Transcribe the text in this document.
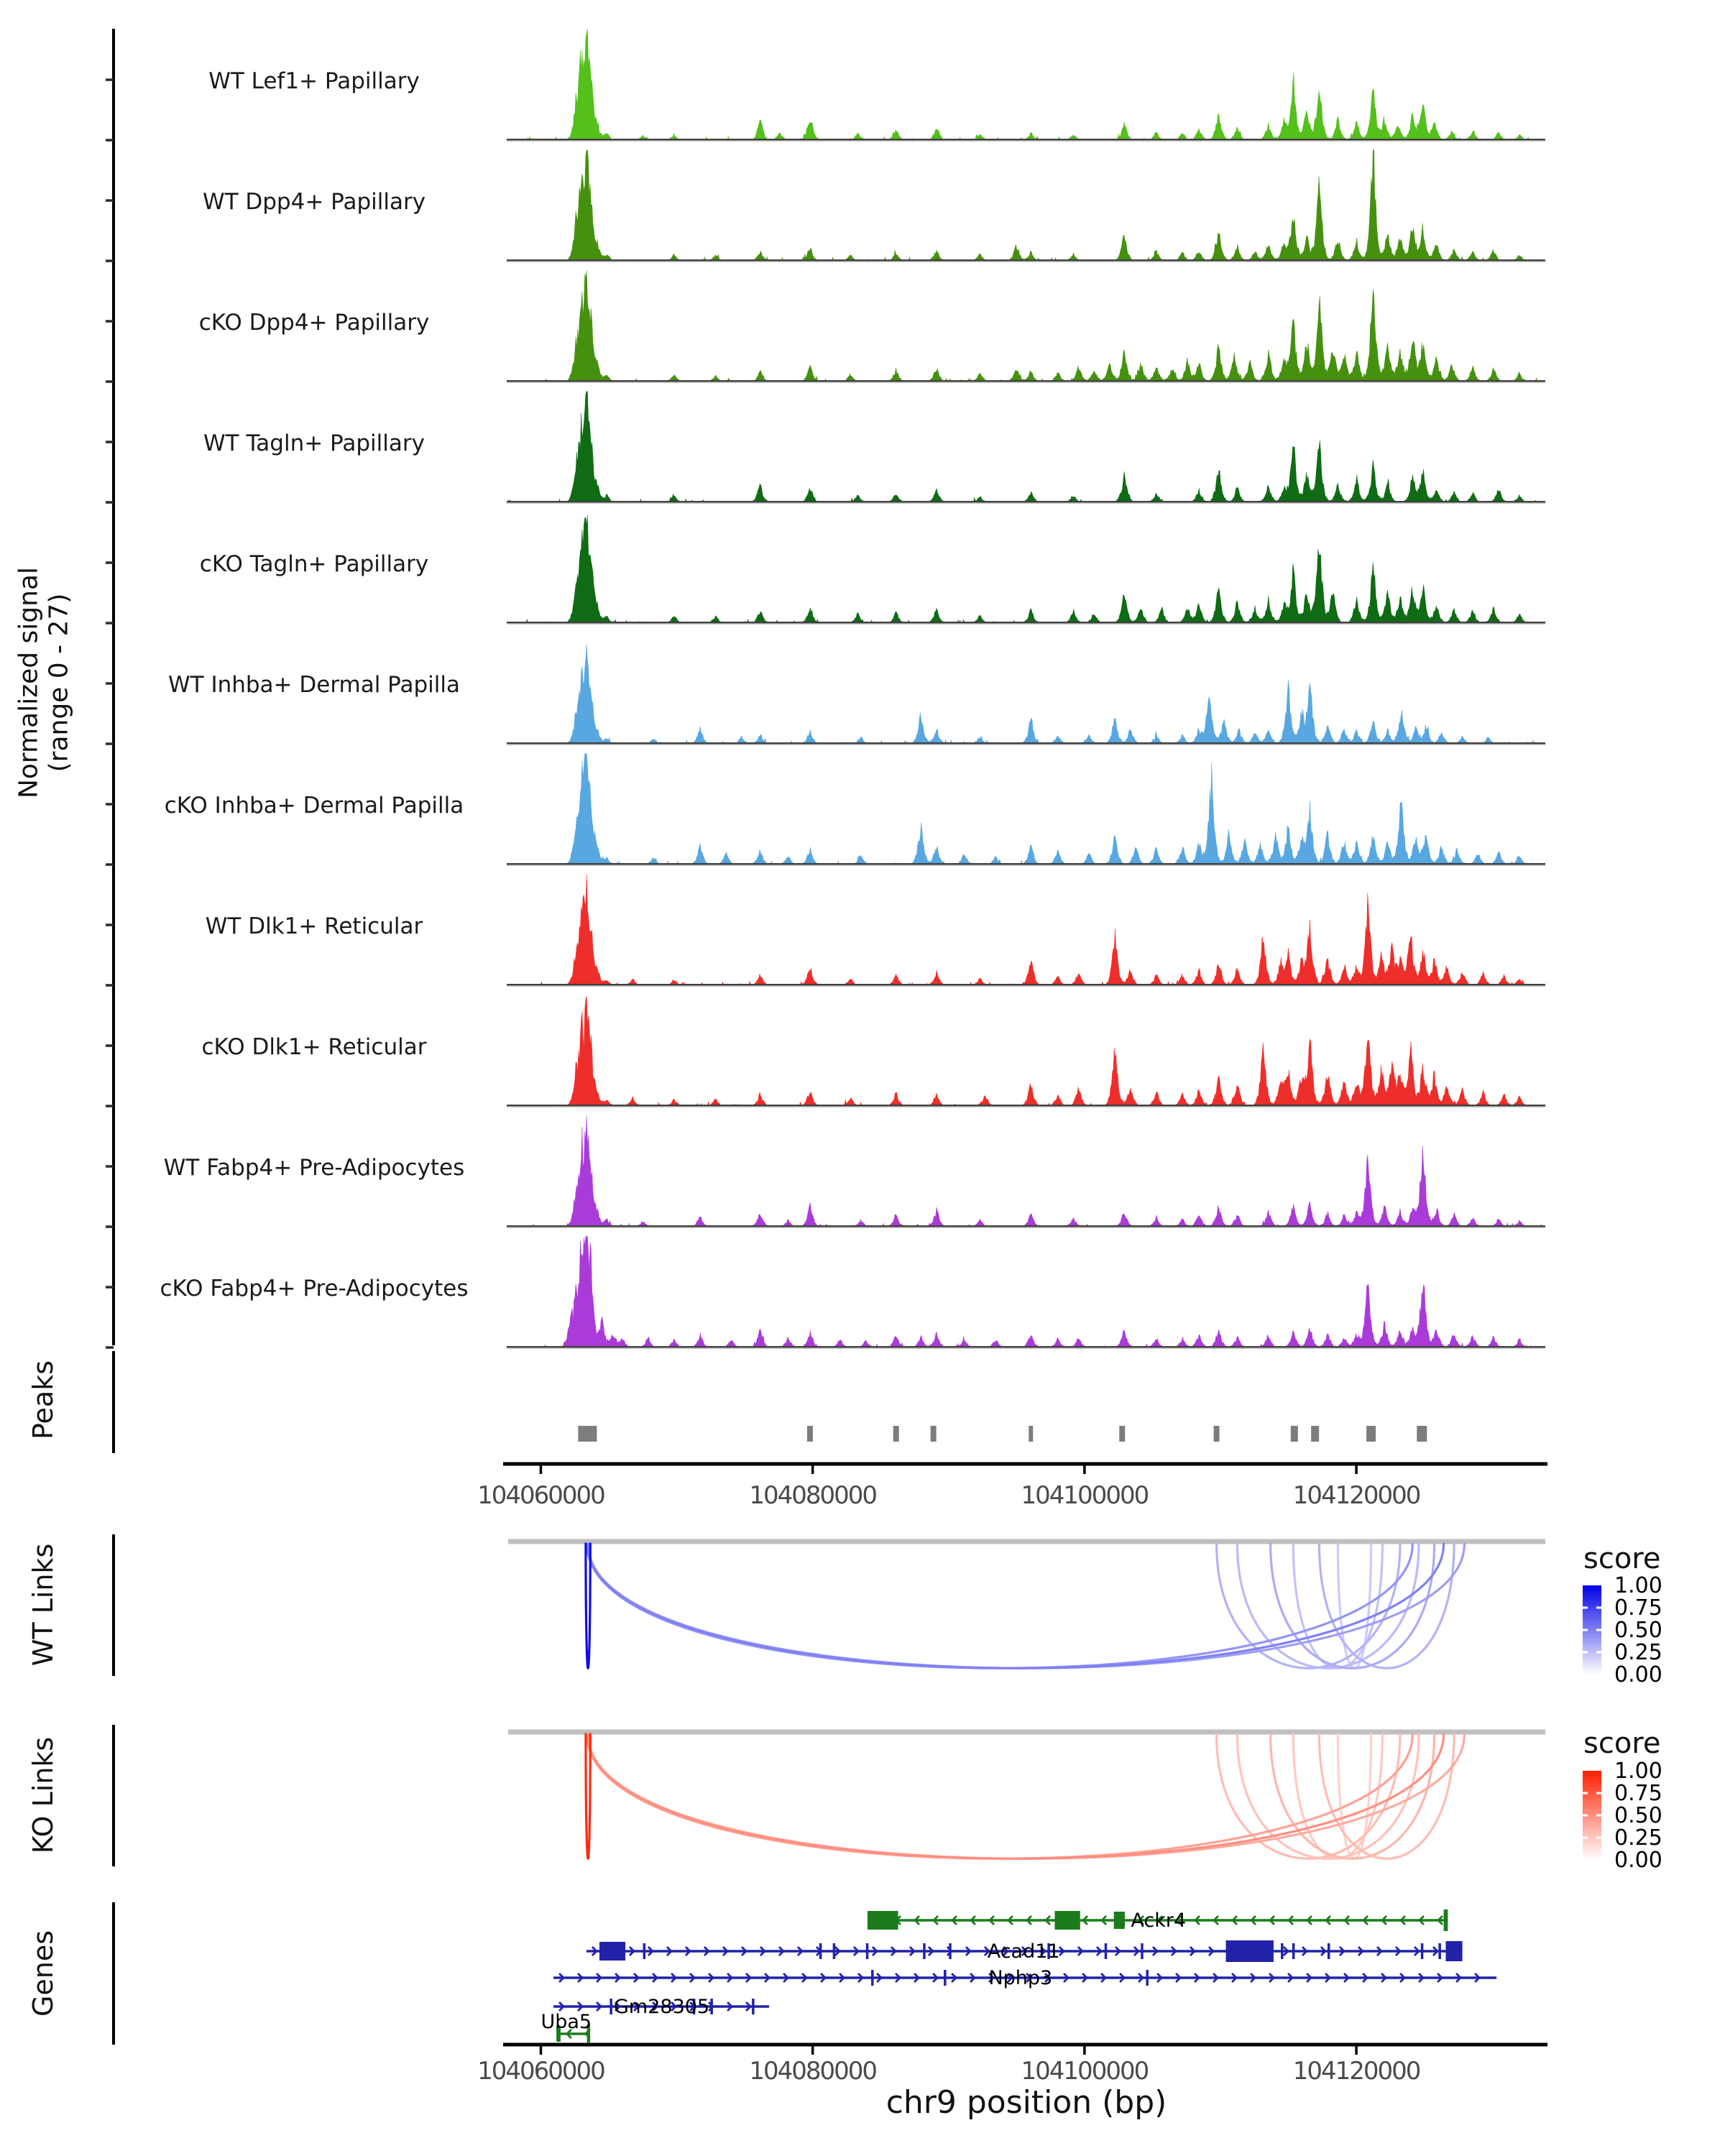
WT Lef1+ Papillary
WT Dpp4+ Papillary
cKO Dpp4+ Papillary
WT Tagln+ Papillary
cKO Tagln+ Papillary
WT Inhba+ Dermal Papilla
cKO Inhba+ Dermal Papilla
WT Dlk1+ Reticular
cKO Dlk1+ Reticular
WT Fabp4+ Pre-Adipocytes
cKO Fabp4+ Pre-Adipocytes
104060000	104080000	104100000	104120000
104060000	104080000	104100000	104120000
1.00
0.75
0.50
0.25
0.00
1.00
0.75
0.50
0.25
0.00
Ackr4
Acad11
Nphp3
Gm28305
Uba5
Normalized signal (range 0 - 27)
Peaks
WT Links
KO Links
Genes
score
score
chr9 position (bp)
